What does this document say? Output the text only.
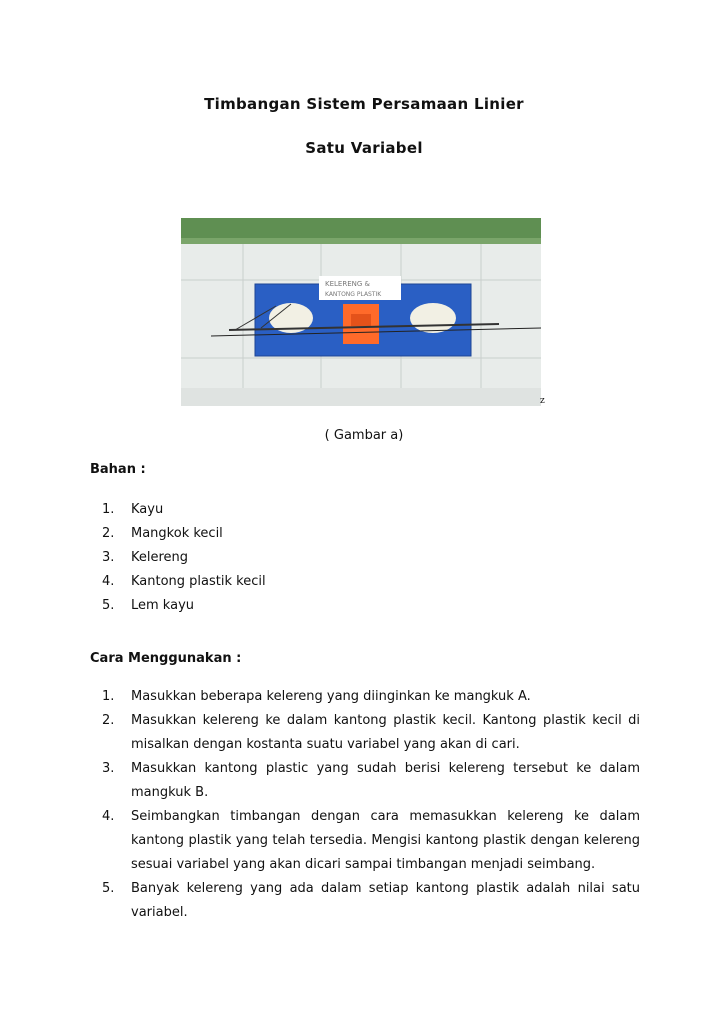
Timbangan Sistem Persamaan Linier
Satu Variabel
KELERENG &
KANTONG PLASTIK
z
( Gambar a)
Bahan :
1. Kayu
2. Mangkok kecil
3. Kelereng
4. Kantong plastik kecil
5. Lem kayu
Cara Menggunakan :
1. Masukkan beberapa kelereng yang diinginkan ke mangkuk A.
2. Masukkan kelereng ke dalam kantong plastik kecil. Kantong plastik kecil di misalkan dengan kostanta suatu variabel yang akan di cari.
3. Masukkan kantong plastic yang sudah berisi kelereng tersebut ke dalam mangkuk B.
4. Seimbangkan timbangan dengan cara memasukkan kelereng ke dalam kantong plastik yang telah tersedia. Mengisi kantong plastik dengan kelereng sesuai variabel yang akan dicari sampai timbangan menjadi seimbang.
5. Banyak kelereng yang ada dalam setiap kantong plastik adalah nilai satu variabel.
